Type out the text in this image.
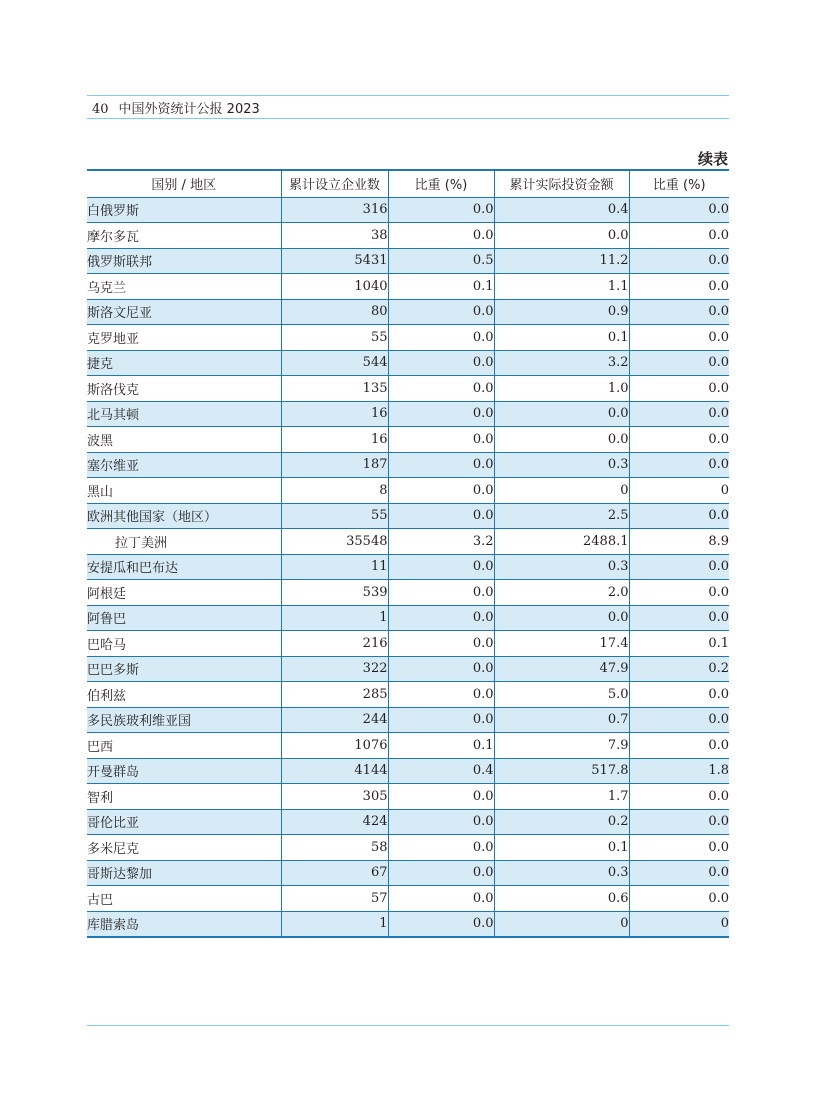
40 中国外资统计公报 2023
续表
国别 / 地区	累计设立企业数	比重 (%)	累计实际投资金额	比重 (%)
白俄罗斯	316	0.0	0.4	0.0
摩尔多瓦	38	0.0	0.0	0.0
俄罗斯联邦	5431	0.5	11.2	0.0
乌克兰	1040	0.1	1.1	0.0
斯洛文尼亚	80	0.0	0.9	0.0
克罗地亚	55	0.0	0.1	0.0
捷克	544	0.0	3.2	0.0
斯洛伐克	135	0.0	1.0	0.0
北马其顿	16	0.0	0.0	0.0
波黑	16	0.0	0.0	0.0
塞尔维亚	187	0.0	0.3	0.0
黑山	8	0.0	0	0
欧洲其他国家（地区）	55	0.0	2.5	0.0
拉丁美洲	35548	3.2	2488.1	8.9
安提瓜和巴布达	11	0.0	0.3	0.0
阿根廷	539	0.0	2.0	0.0
阿鲁巴	1	0.0	0.0	0.0
巴哈马	216	0.0	17.4	0.1
巴巴多斯	322	0.0	47.9	0.2
伯利兹	285	0.0	5.0	0.0
多民族玻利维亚国	244	0.0	0.7	0.0
巴西	1076	0.1	7.9	0.0
开曼群岛	4144	0.4	517.8	1.8
智利	305	0.0	1.7	0.0
哥伦比亚	424	0.0	0.2	0.0
多米尼克	58	0.0	0.1	0.0
哥斯达黎加	67	0.0	0.3	0.0
古巴	57	0.0	0.6	0.0
库腊索岛	1	0.0	0	0
